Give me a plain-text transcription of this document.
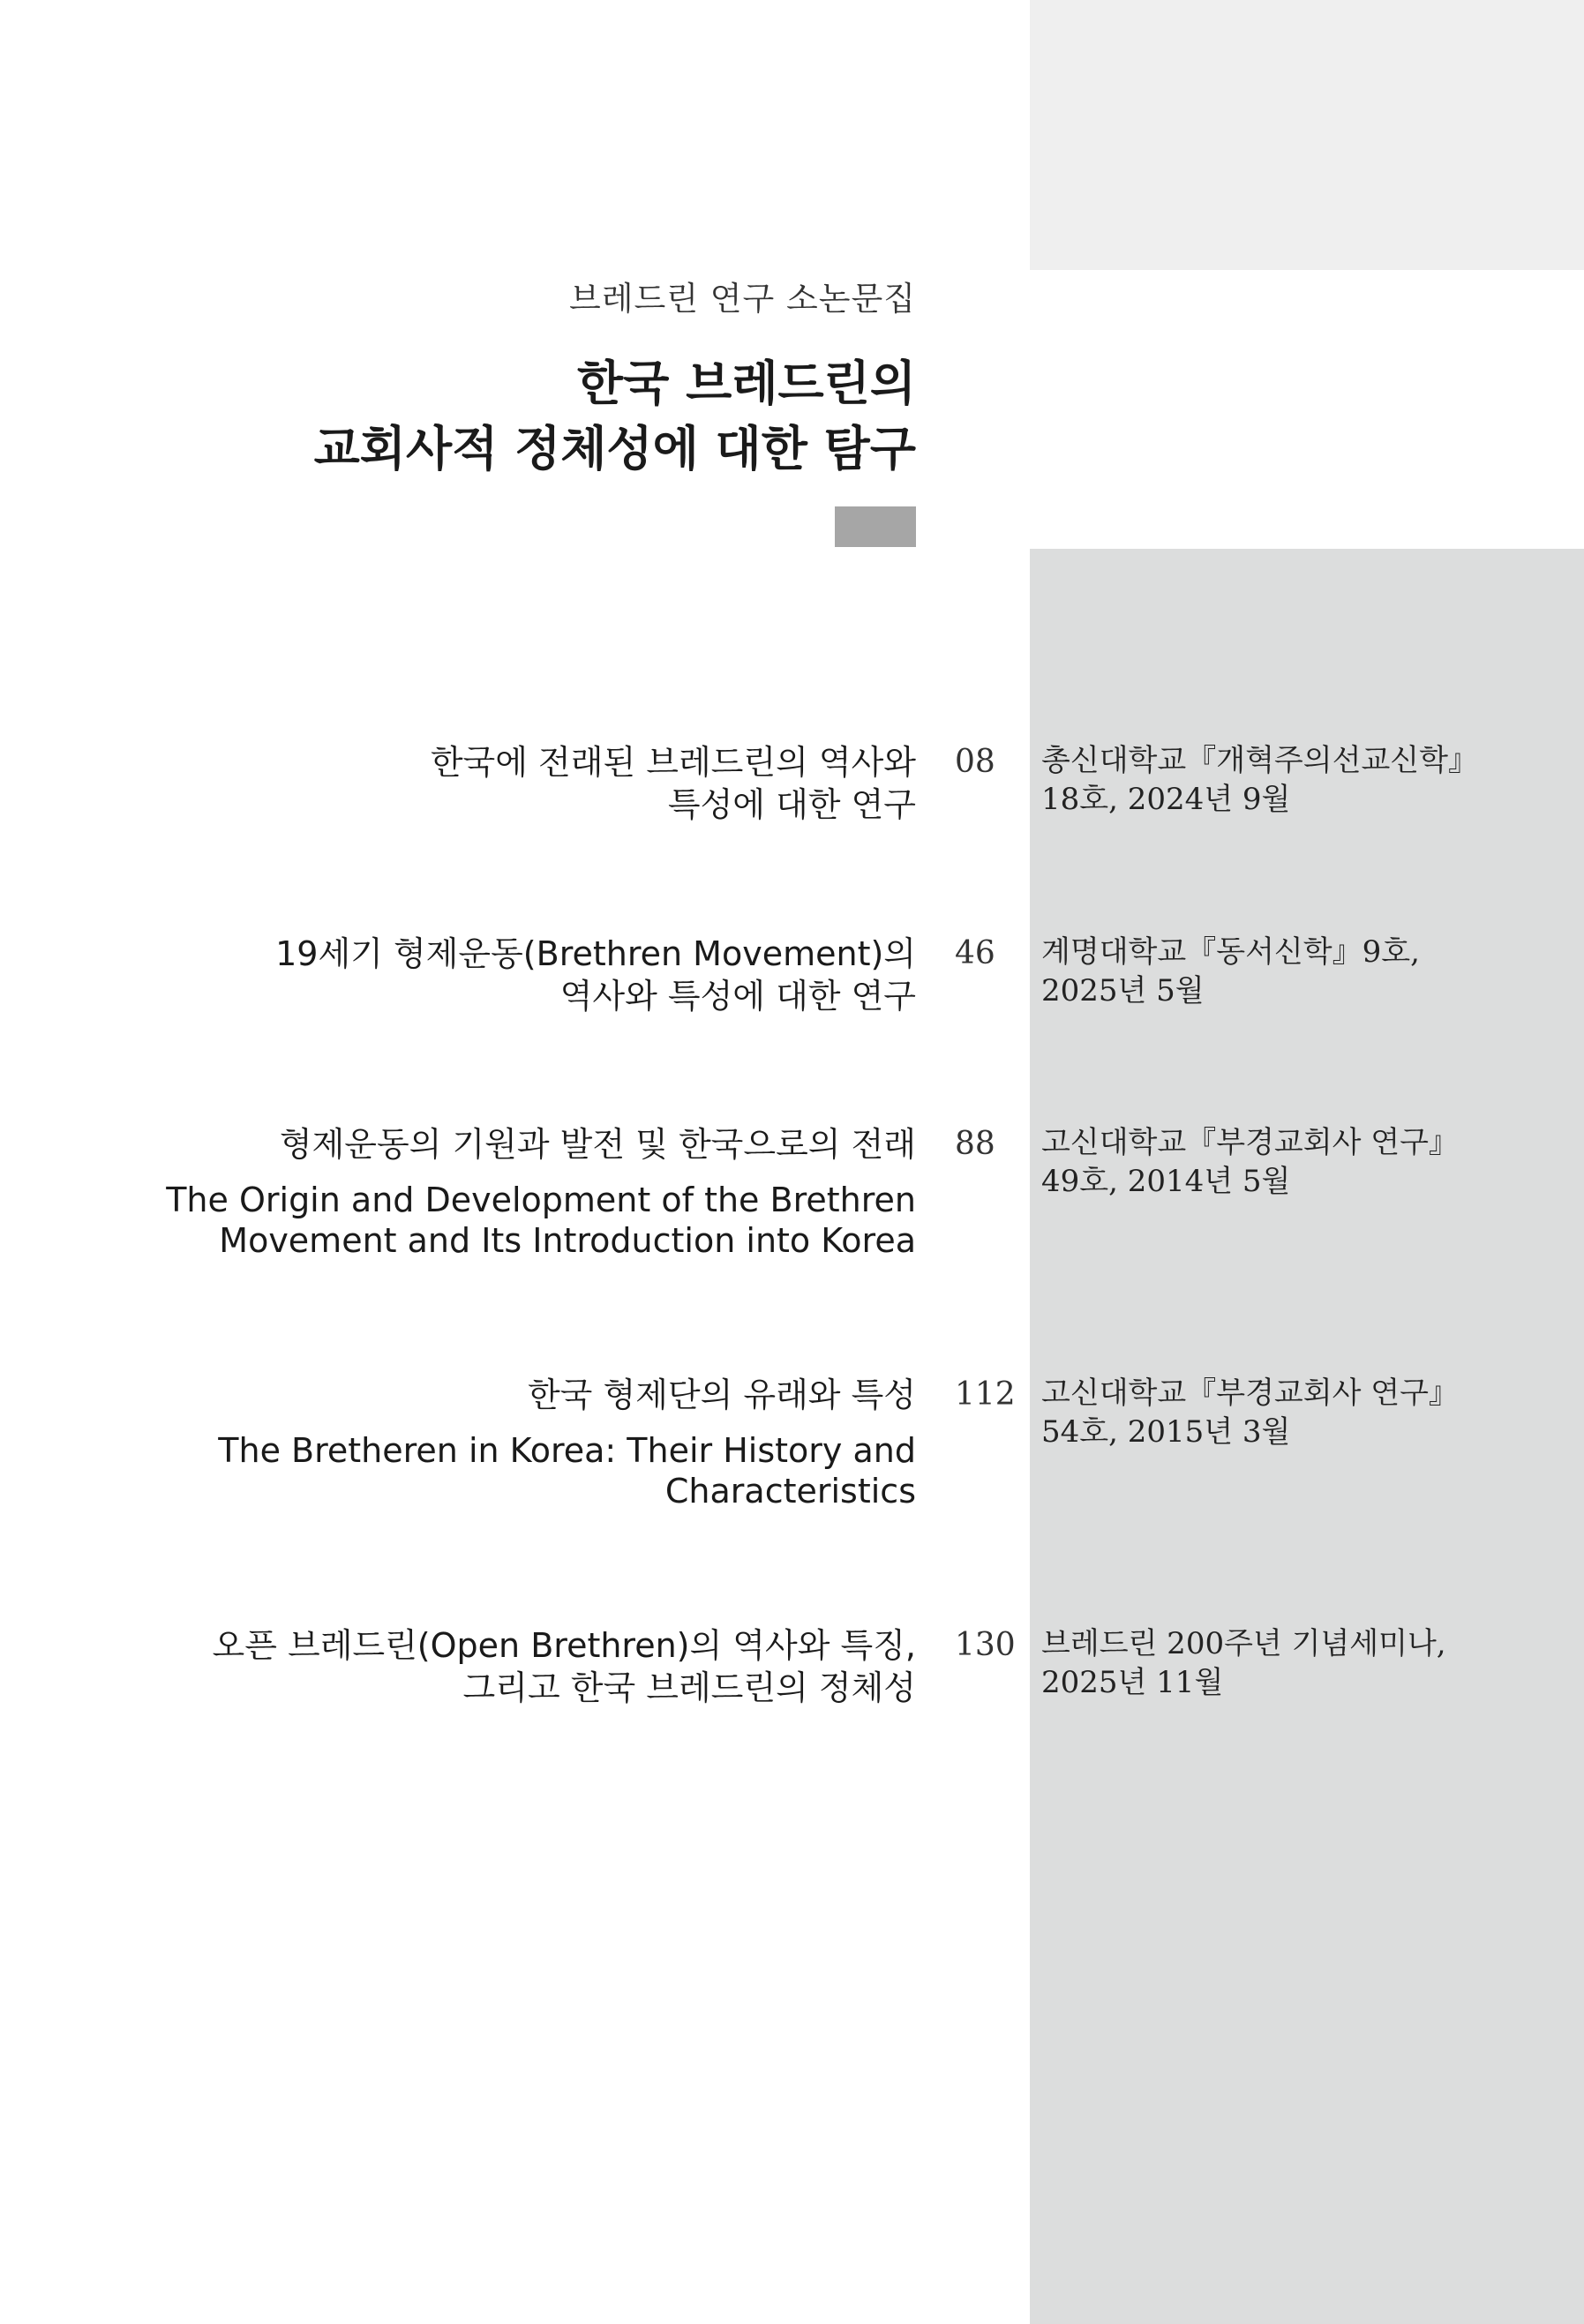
브레드린 연구 소논문집
한국 브레드린의
교회사적 정체성에 대한 탐구
한국에 전래된 브레드린의 역사와
특성에 대한 연구
08 총신대학교『개혁주의선교신학』
18호, 2024년 9월
19세기 형제운동(Brethren Movement)의
역사와 특성에 대한 연구
46 계명대학교『동서신학』9호,
2025년 5월
형제운동의 기원과 발전 및 한국으로의 전래
The Origin and Development of the Brethren
Movement and Its Introduction into Korea
88 고신대학교『부경교회사 연구』
49호, 2014년 5월
한국 형제단의 유래와 특성
The Bretheren in Korea: Their History and
Characteristics
112 고신대학교『부경교회사 연구』
54호, 2015년 3월
오픈 브레드린(Open Brethren)의 역사와 특징,
그리고 한국 브레드린의 정체성
130 브레드린 200주년 기념세미나,
2025년 11월
